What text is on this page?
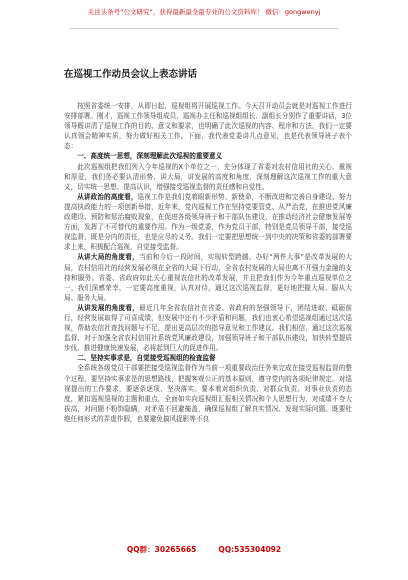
关注头条号“公文研究”，获得最新最全最专业的公文资料库！ 微信：gongwenyj
在巡视工作动员会议上表态讲话

按照省委统一安排，从即日起，巡视组将开展巡视工作。今天召开动员会就是对巡视工作进行安排部署。刚才，巡视工作领导组成员，巡视办主任和巡视组组长、副组长分别作了重要讲话，3位领导既讲清了巡视工作的目的、意义和要求，也明确了此次巡视的内容、程序和方法，我们一定要认真领会精神实质，努力做好相关工作。下面，我代表党委讲几点意见，也是代表领导班子表个态：

一、高度统一思想，深刻理解此次巡视的重要意义

此次巡视组把我们列入今年巡视的X个单位之一，充分体现了省委对农村信用社的关心、重视和厚爱，我们务必要认清形势、讲大局，讲发展的高度和角度，深刻理解这次巡视工作的重大意义，切实统一思想、提高认识，增强接受巡视监督的责任感和自觉性。

从讲政治的高度看，巡视工作是我们党着眼新形势、新使命，不断改进和完善自身建设、努力提高执政能力的一项创新举措，近年来，党内巡视工作在坚持党要管党、从严治党，在推进党风廉政建设、预防和惩治腐败现象，在促进各级领导班子和干部队伍建设，在推动经济社会健康发展等方面，发挥了不可替代的重要作用。作为一级党委，作为党员干部，特别是党员领导干部，接受巡视监督，既是分内的责任，也是应尽的义务。我们一定要把思想统一到中央的决策和省委的部署要求上来，积极配合巡视，自觉接受监督。

从讲大局的角度看，当前和今后一段时间，实现转型跨越、办好“两件大事”是改革发展的大局，农村信用社的经营发展必须在全省的大局下行动，全省农村发展的大局也离不开强力金融的支持和服务。省委、省政府如此关心重视农信社的改革发展，并且把我们作为今年重点巡视单位之一，我们深感荣幸，一定要高度重视，认真对待，通过这次巡视监督，更好地把握大局、服从大局、服务大局。

从讲发展的角度看，最近几年全省农信社在省委、省政府的坚强领导下，团结进取、砥砺前行，经营发展取得了可喜成绩，但发展中还有不少矛盾和问题，我们也衷心希望巡视组通过这次巡视，帮助农信社查找问题与不足，提出更高层次的指导意见和工作建议。我们相信，通过这次巡视监督，对于加强全省农村信用社系统党风廉政建设，加强领导班子和干部队伍建设，加快转型提质步伐、推进健康快速发展，必将起到巨大的促进作用。

二、坚持实事求是，自觉接受巡视组的检查监督

全系统各级党员干部要把接受巡视监督作为当前一项重要政治任务来完成在接受巡视监督的整个过程，要坚持实事求是的思想路线，把握客观公正的基本原则，遵守党内的各项纪律规定。对巡视提出的工作要求，要逐条逐项、坚决落实。要本着对组织负责、对群众负责、对事业负责的态度，紧扣巡视巡视的主题和重点，全面如实向巡视组汇报相关情况和个人思想行为，对成绩不夸大拔高，对问题不粉饰隐瞒，对矛盾不回避掩盖，确保巡视组了解真实情况、发现实际问题。既要杜绝任何形式的弄虚作假，也要避免搞风捉影等不良

QQ群：30265665	QQ:535304092
